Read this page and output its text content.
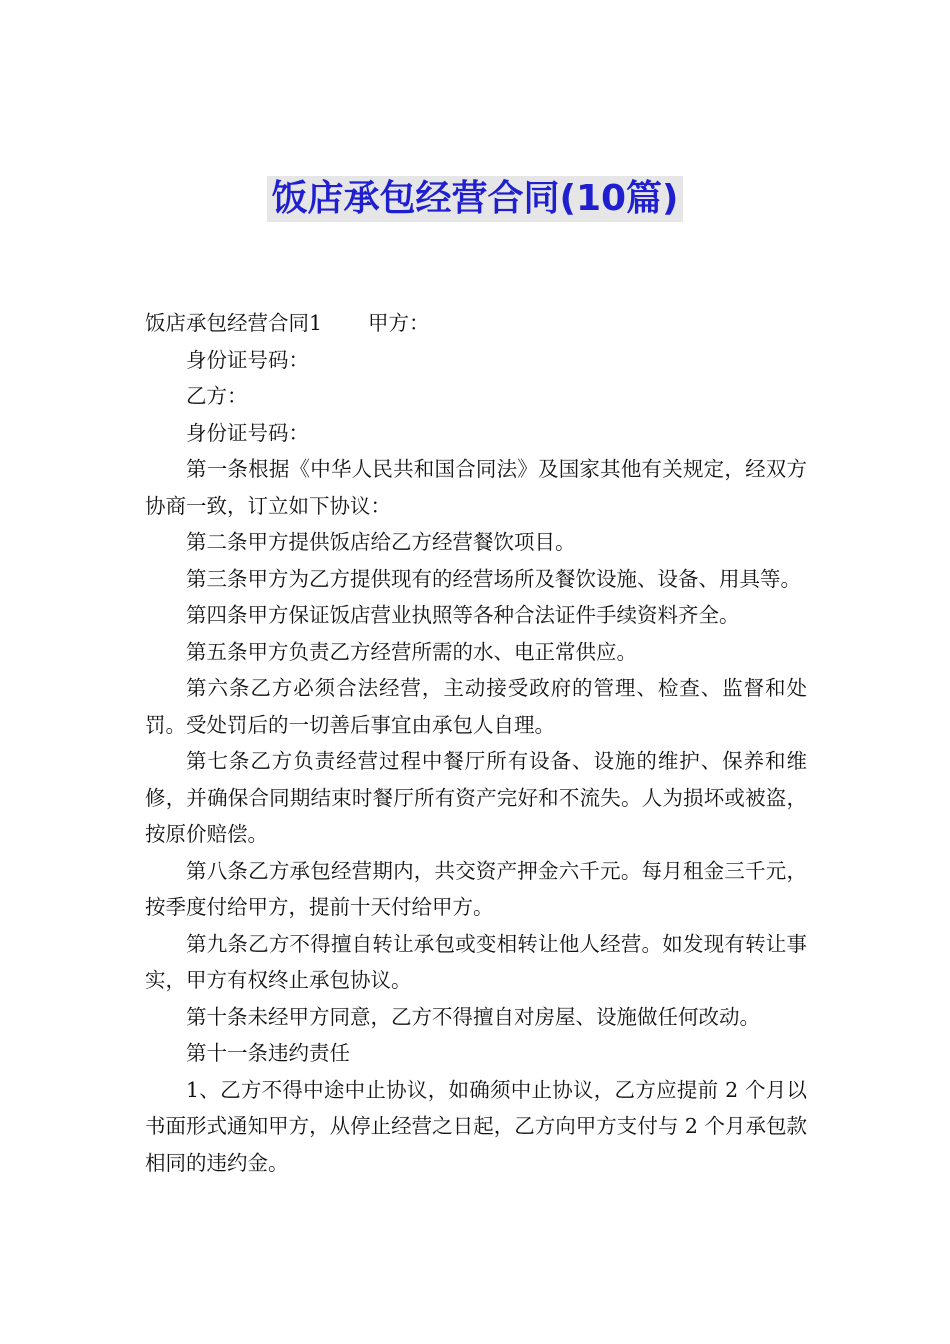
饭店承包经营合同(10篇)

饭店承包经营合同1 甲方：

身份证号码：

乙方：

身份证号码：

第一条根据《中华人民共和国合同法》及国家其他有关规定，经双方协商一致，订立如下协议：

第二条甲方提供饭店给乙方经营餐饮项目。

第三条甲方为乙方提供现有的经营场所及餐饮设施、设备、用具等。

第四条甲方保证饭店营业执照等各种合法证件手续资料齐全。

第五条甲方负责乙方经营所需的水、电正常供应。

第六条乙方必须合法经营，主动接受政府的管理、检查、监督和处罚。受处罚后的一切善后事宜由承包人自理。

第七条乙方负责经营过程中餐厅所有设备、设施的维护、保养和维修，并确保合同期结束时餐厅所有资产完好和不流失。人为损坏或被盗，按原价赔偿。

第八条乙方承包经营期内，共交资产押金六千元。每月租金三千元，按季度付给甲方，提前十天付给甲方。

第九条乙方不得擅自转让承包或变相转让他人经营。如发现有转让事实，甲方有权终止承包协议。

第十条未经甲方同意，乙方不得擅自对房屋、设施做任何改动。

第十一条违约责任

1、乙方不得中途中止协议，如确须中止协议，乙方应提前 2 个月以书面形式通知甲方，从停止经营之日起，乙方向甲方支付与 2 个月承包款相同的违约金。
